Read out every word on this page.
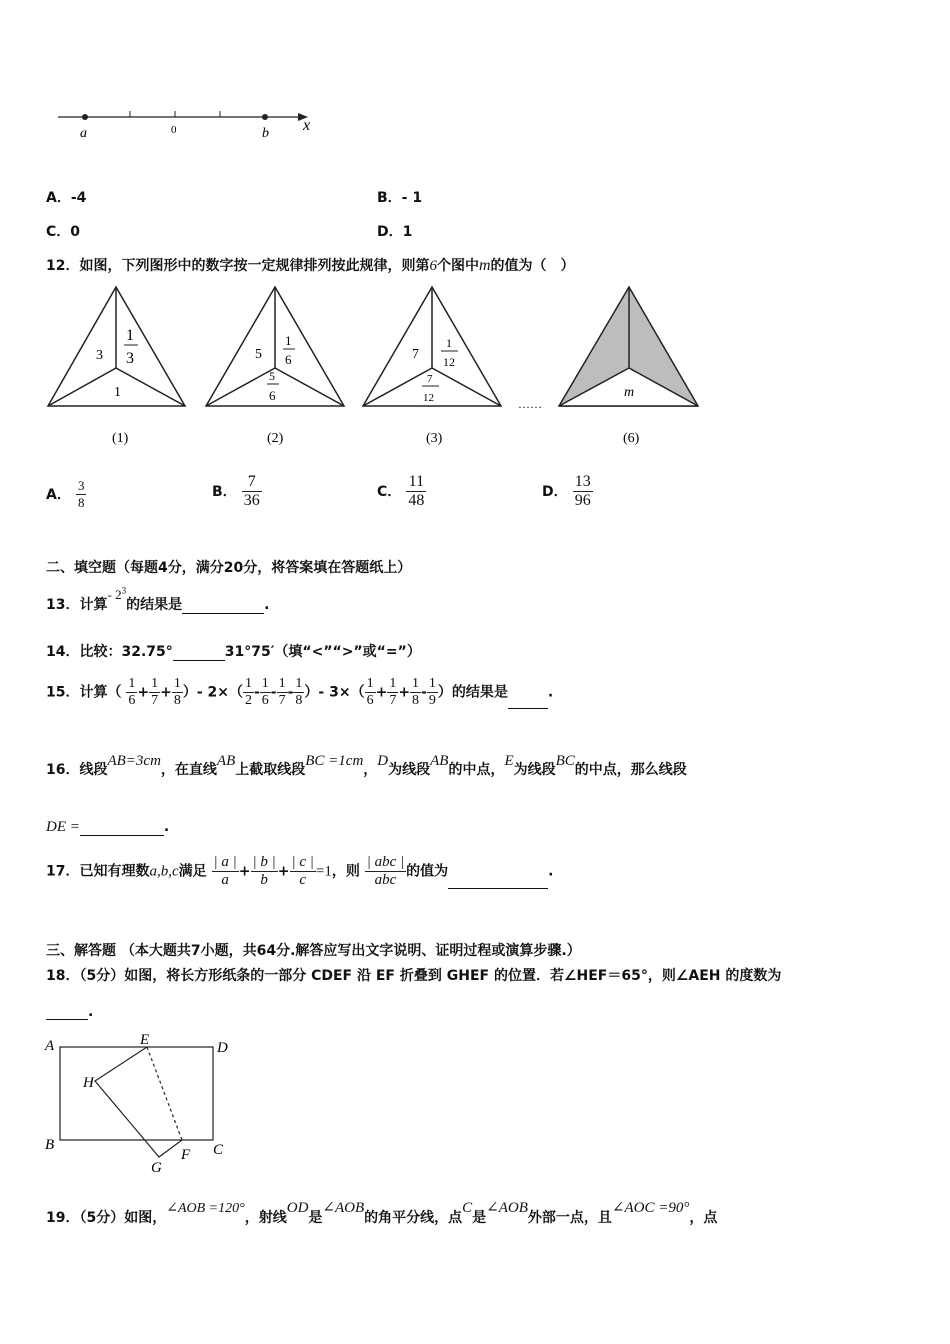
a	0	b x
A．-4	B．- 1
C．0	D．1
12．如图，下列图形中的数字按一定规律排列按此规律，则第6个图中m的值为（　）
3
1
3
1
(1)
5
1
6
5
6
(2)
7
1
12
7
12
(3)
……
m
(6)
A． $\frac{3}{8}$	B． $\frac{7}{36}$	C． $\frac{11}{48}$	D． $\frac{13}{96}$
二、填空题（每题4分，满分20分，将答案填在答题纸上）
13．计算- $2^3$的结果是	.
14．比较：32.75°	31°75′（填“<”“>”或“=”）
15．计算（ $\frac{1}{6} + \frac{1}{7} + \frac{1}{8}$ ）- $2\times( \frac{1}{2} - \frac{1}{6} - \frac{1}{7} - \frac{1}{8}$ ）- $3\times( \frac{1}{6} + \frac{1}{7} + \frac{1}{8} - \frac{1}{9}$ ）的结果是	.
16．线段AB=3cm，在直线AB上截取线段BC =1cm，D为线段AB的中点，E为线段BC的中点，那么线段
DE =	.
17．已知有理数a,b,c满足 $\frac{| a |}{a} + \frac{| b |}{b} + \frac{| c |}{c} =1$，则 $\frac{\text{| abc |}}{\text{abc}}$ 的值为	.
三、解答题 （本大题共7小题，共64分.解答应写出文字说明、证明过程或演算步骤.）
18．（5分）如图，将长方形纸条的一部分 CDEF 沿 EF 折叠到 GHEF 的位置．若∠HEF＝65°，则∠AEH 的度数为
.
A	E	D
H
B
G
F C
19．（5分）如图，∠AOB =120°，射线OD是∠AOB的角平分线，点C是∠AOB外部一点，且∠AOC =90°，点
